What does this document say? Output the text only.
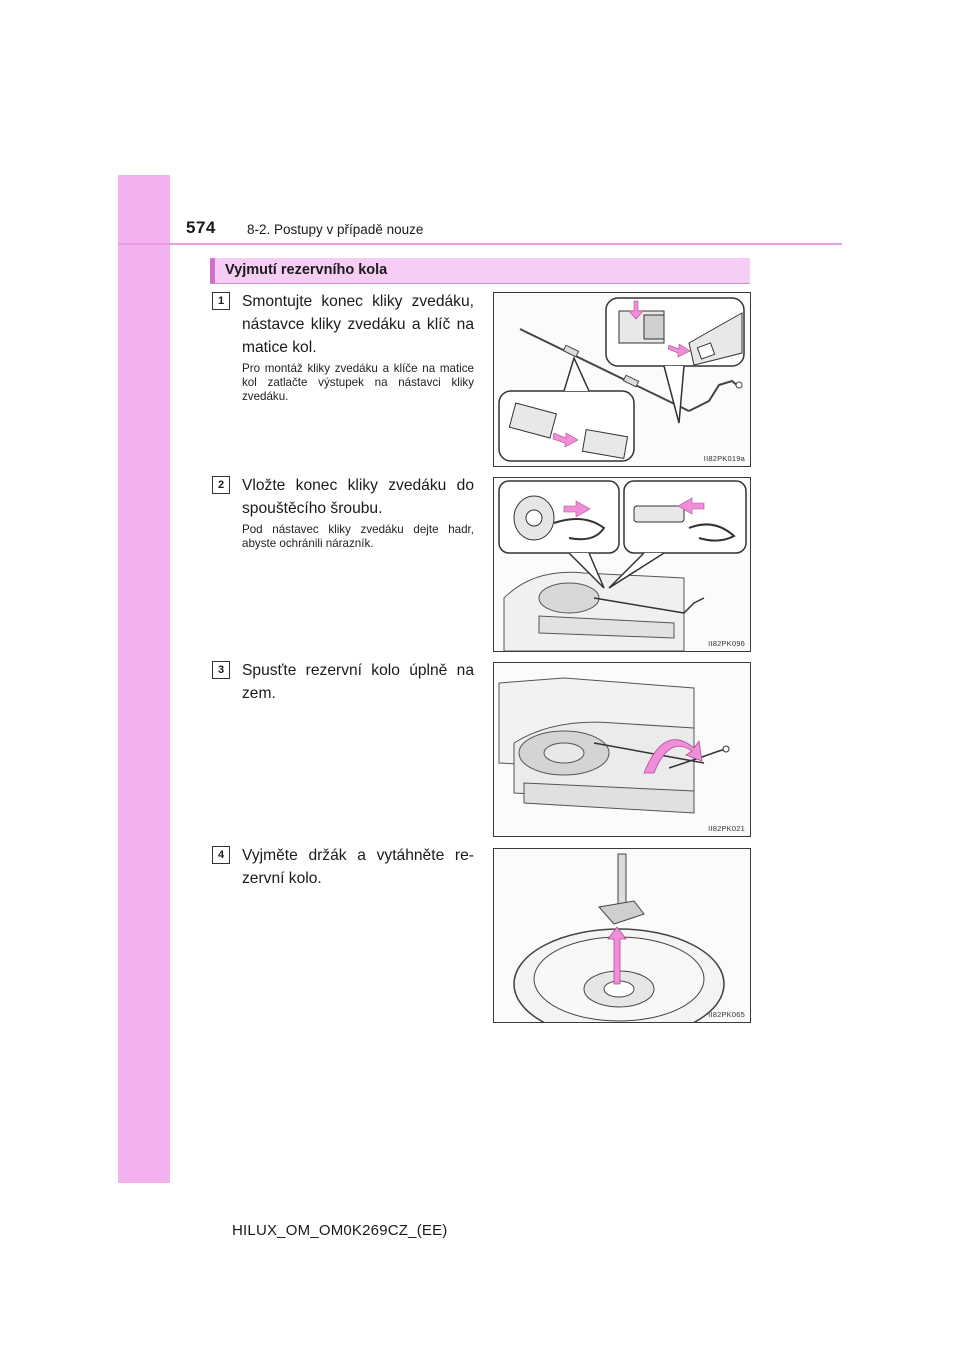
574 8-2. Postupy v případě nouze
Vyjmutí rezervního kola
1	Smontujte konec kliky zvedáku, nástavce kliky zvedáku a klíč na matice kol.
Pro montáž kliky zvedáku a klíče na matice kol zatlačte výstupek na nástavci kliky zvedáku.
II82PK019a
2	Vložte konec kliky zvedáku do spouštěcího šroubu.
Pod nástavec kliky zvedáku dejte hadr, abyste ochránili nárazník.
II82PK096
3	Spusťte rezervní kolo úplně na zem.
II82PK021
4	Vyjměte držák a vytáhněte re-zervní kolo.
II82PK065
HILUX_OM_OM0K269CZ_(EE)
